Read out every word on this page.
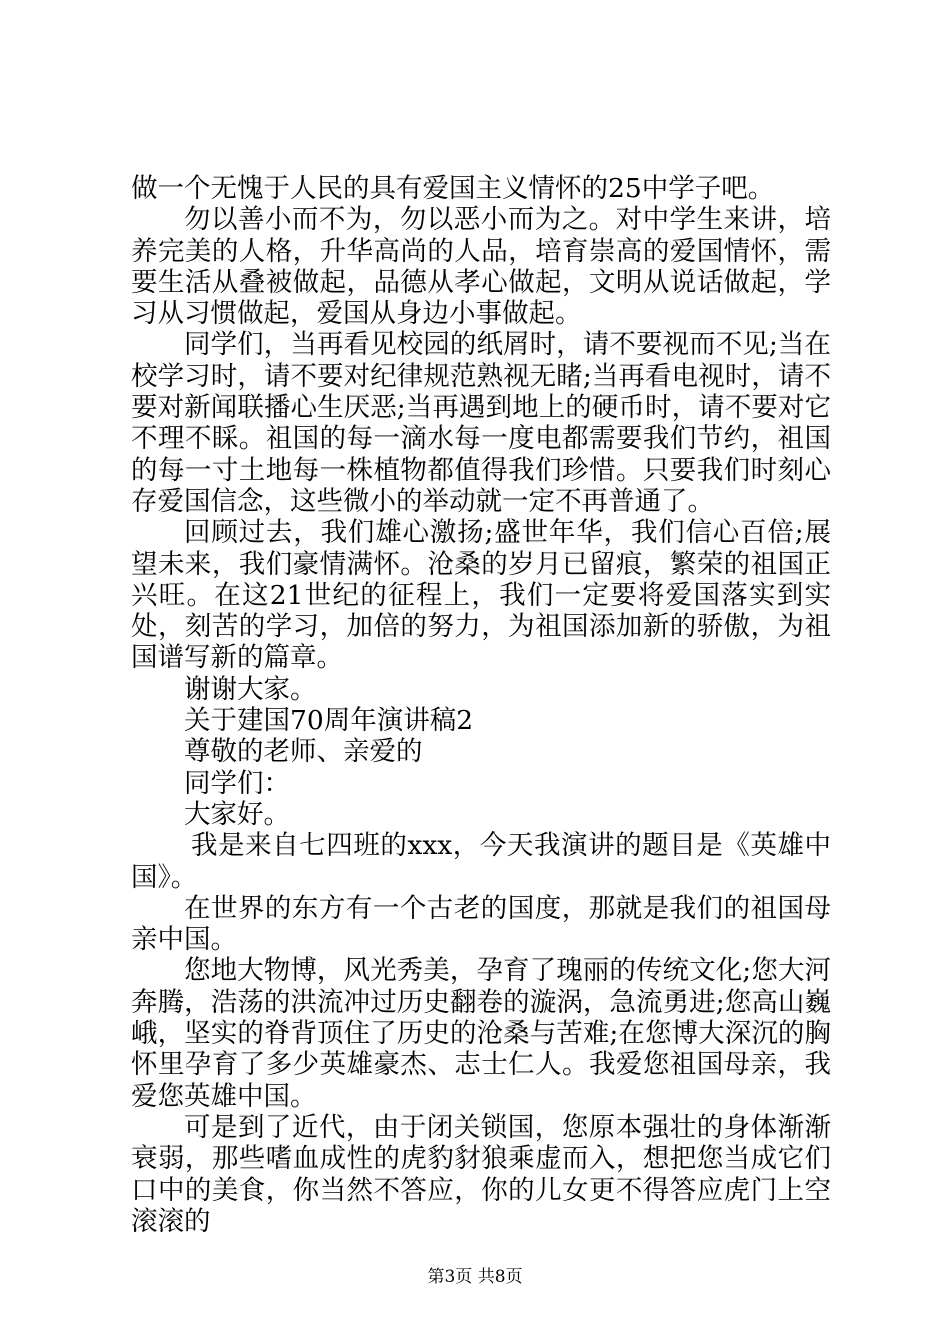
做一个无愧于人民的具有爱国主义情怀的25中学子吧。

勿以善小而不为，勿以恶小而为之。对中学生来讲，培养完美的人格，升华高尚的人品，培育崇高的爱国情怀，需要生活从叠被做起，品德从孝心做起，文明从说话做起，学习从习惯做起，爱国从身边小事做起。

同学们，当再看见校园的纸屑时，请不要视而不见;当在校学习时，请不要对纪律规范熟视无睹;当再看电视时，请不要对新闻联播心生厌恶;当再遇到地上的硬币时，请不要对它不理不睬。祖国的每一滴水每一度电都需要我们节约，祖国的每一寸土地每一株植物都值得我们珍惜。只要我们时刻心存爱国信念，这些微小的举动就一定不再普通了。

回顾过去，我们雄心激扬;盛世年华，我们信心百倍;展望未来，我们豪情满怀。沧桑的岁月已留痕，繁荣的祖国正兴旺。在这21世纪的征程上，我们一定要将爱国落实到实处，刻苦的学习，加倍的努力，为祖国添加新的骄傲，为祖国谱写新的篇章。

谢谢大家。

关于建国70周年演讲稿2

尊敬的老师、亲爱的

同学们：

大家好。

我是来自七四班的xxx，今天我演讲的题目是《英雄中国》。

在世界的东方有一个古老的国度，那就是我们的祖国母亲中国。

您地大物博，风光秀美，孕育了瑰丽的传统文化;您大河奔腾，浩荡的洪流冲过历史翻卷的漩涡，急流勇进;您高山巍峨，坚实的脊背顶住了历史的沧桑与苦难;在您博大深沉的胸怀里孕育了多少英雄豪杰、志士仁人。我爱您祖国母亲，我爱您英雄中国。

可是到了近代，由于闭关锁国，您原本强壮的身体渐渐衰弱，那些嗜血成性的虎豹豺狼乘虚而入，想把您当成它们口中的美食，你当然不答应，你的儿女更不得答应虎门上空滚滚的

第3页 共8页
